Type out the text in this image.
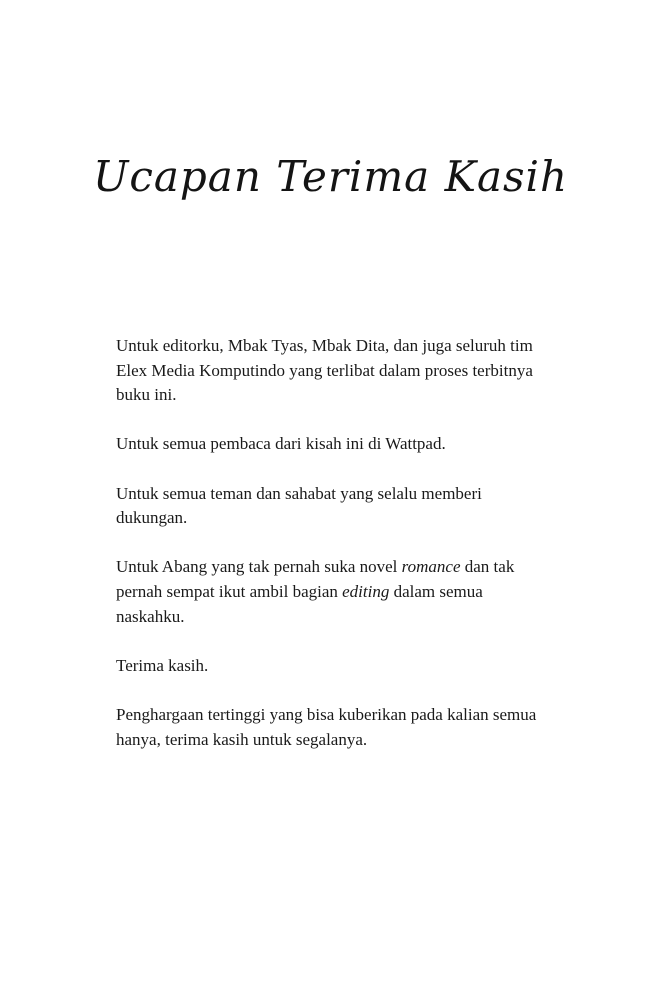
Ucapan Terima Kasih

Untuk editorku, Mbak Tyas, Mbak Dita, dan juga seluruh tim Elex Media Komputindo yang terlibat dalam proses terbitnya buku ini.

Untuk semua pembaca dari kisah ini di Wattpad.

Untuk semua teman dan sahabat yang selalu memberi dukungan.

Untuk Abang yang tak pernah suka novel romance dan tak pernah sempat ikut ambil bagian editing dalam semua naskahku.

Terima kasih.

Penghargaan tertinggi yang bisa kuberikan pada kalian semua hanya, terima kasih untuk segalanya.
